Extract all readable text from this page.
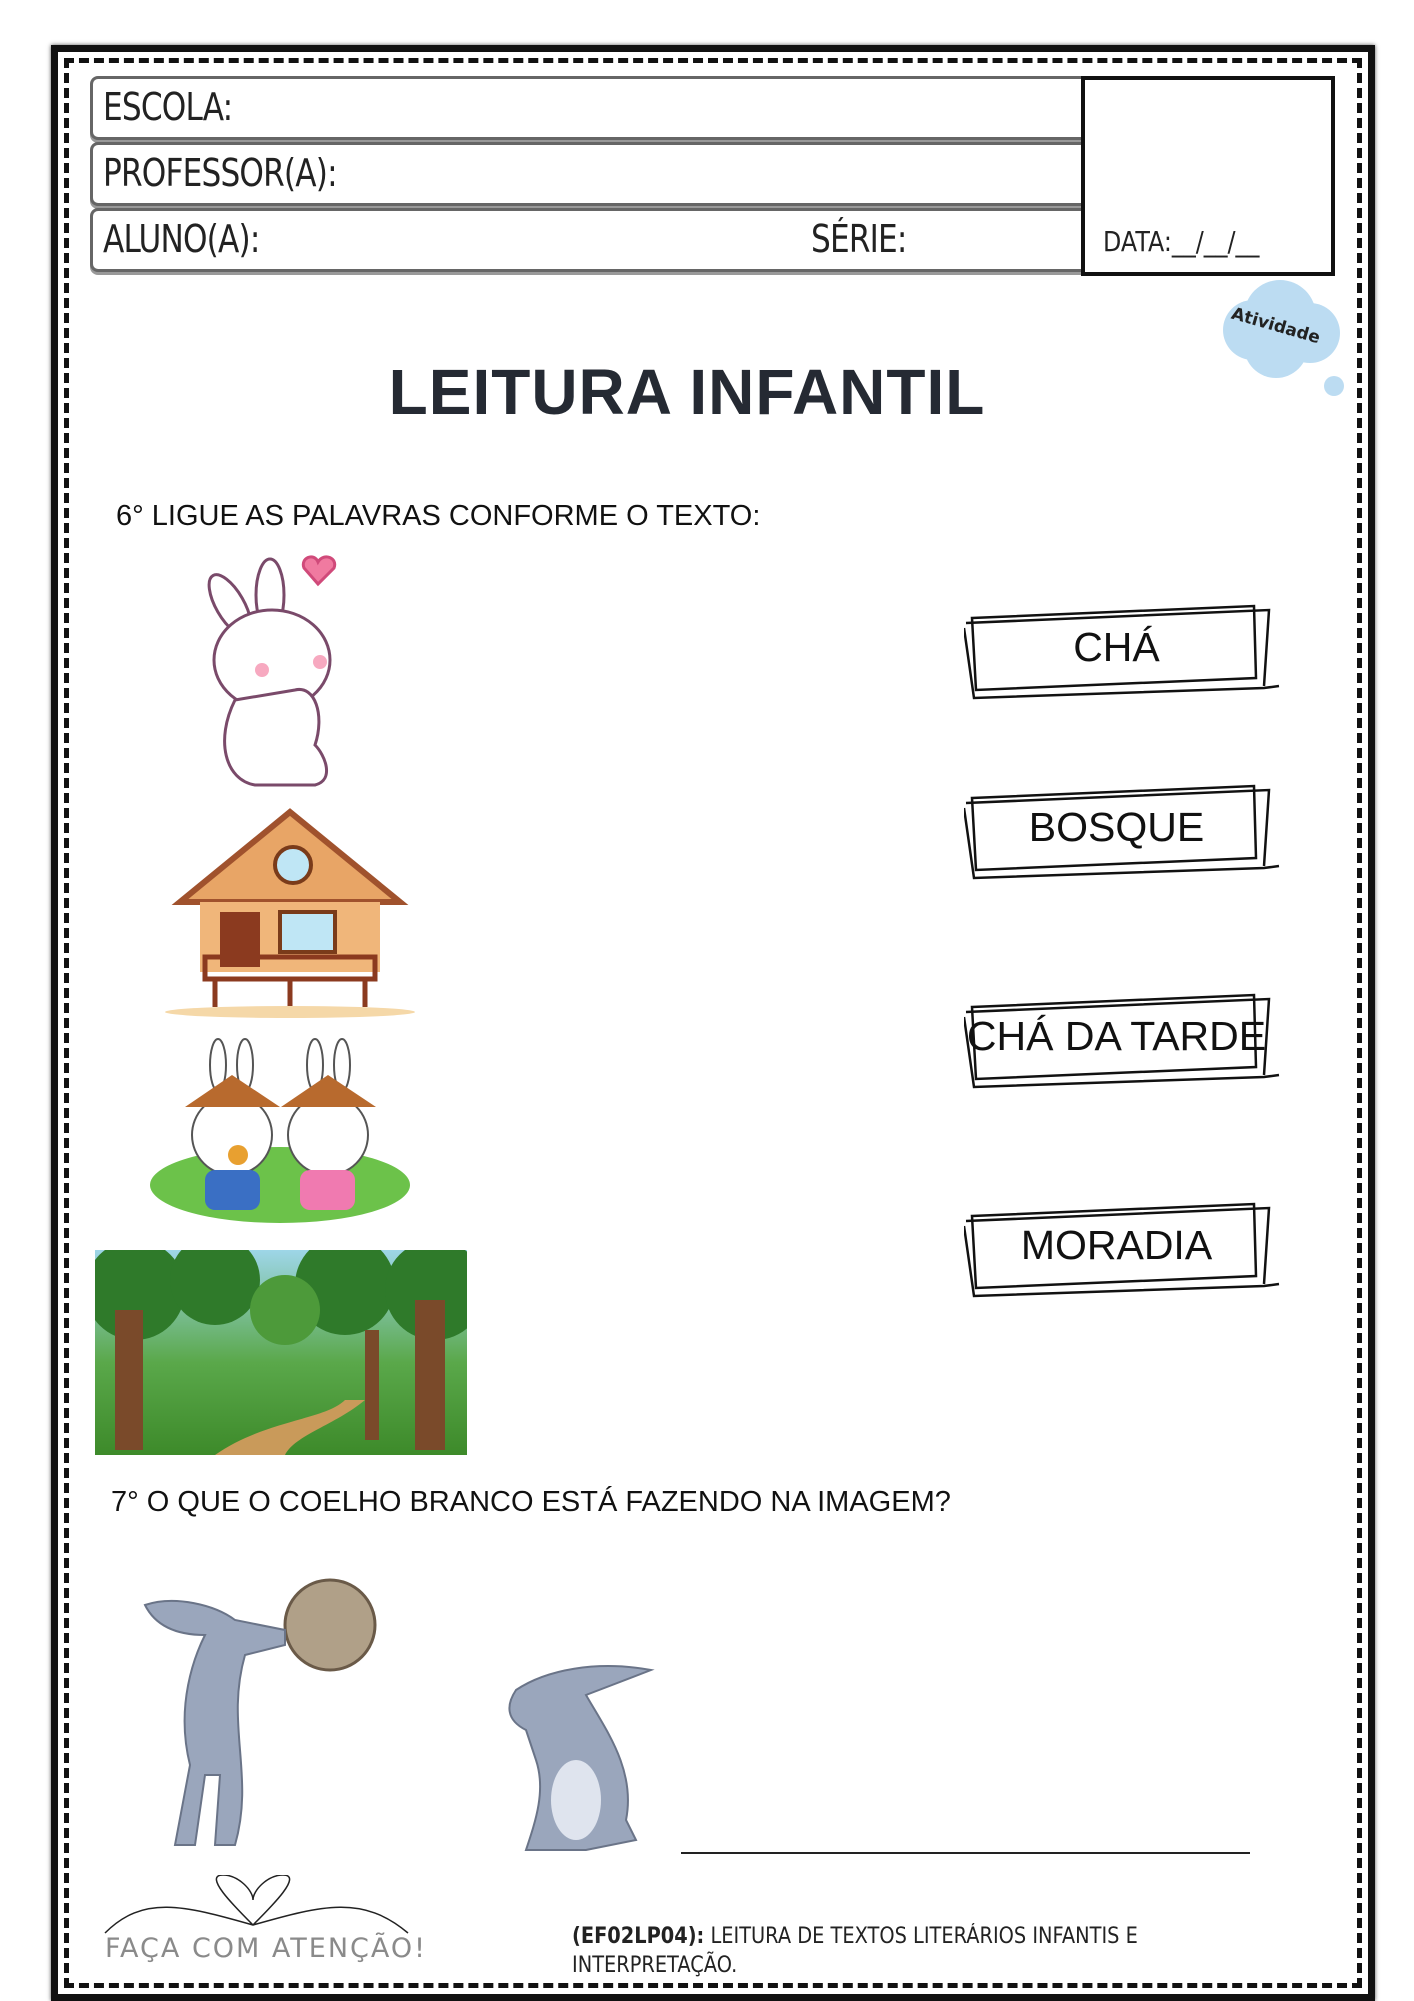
ESCOLA:
PROFESSOR(A):
ALUNO(A):	SÉRIE:	DATA:__/__/__
Atividade
LEITURA INFANTIL
6° LIGUE AS PALAVRAS CONFORME O TEXTO:
CHÁ
BOSQUE
CHÁ DA TARDE
MORADIA
7° O QUE O COELHO BRANCO ESTÁ FAZENDO NA IMAGEM?
FAÇA COM ATENÇÃO!	(EF02LP04): LEITURA DE TEXTOS LITERÁRIOS INFANTIS E
INTERPRETAÇÃO.
